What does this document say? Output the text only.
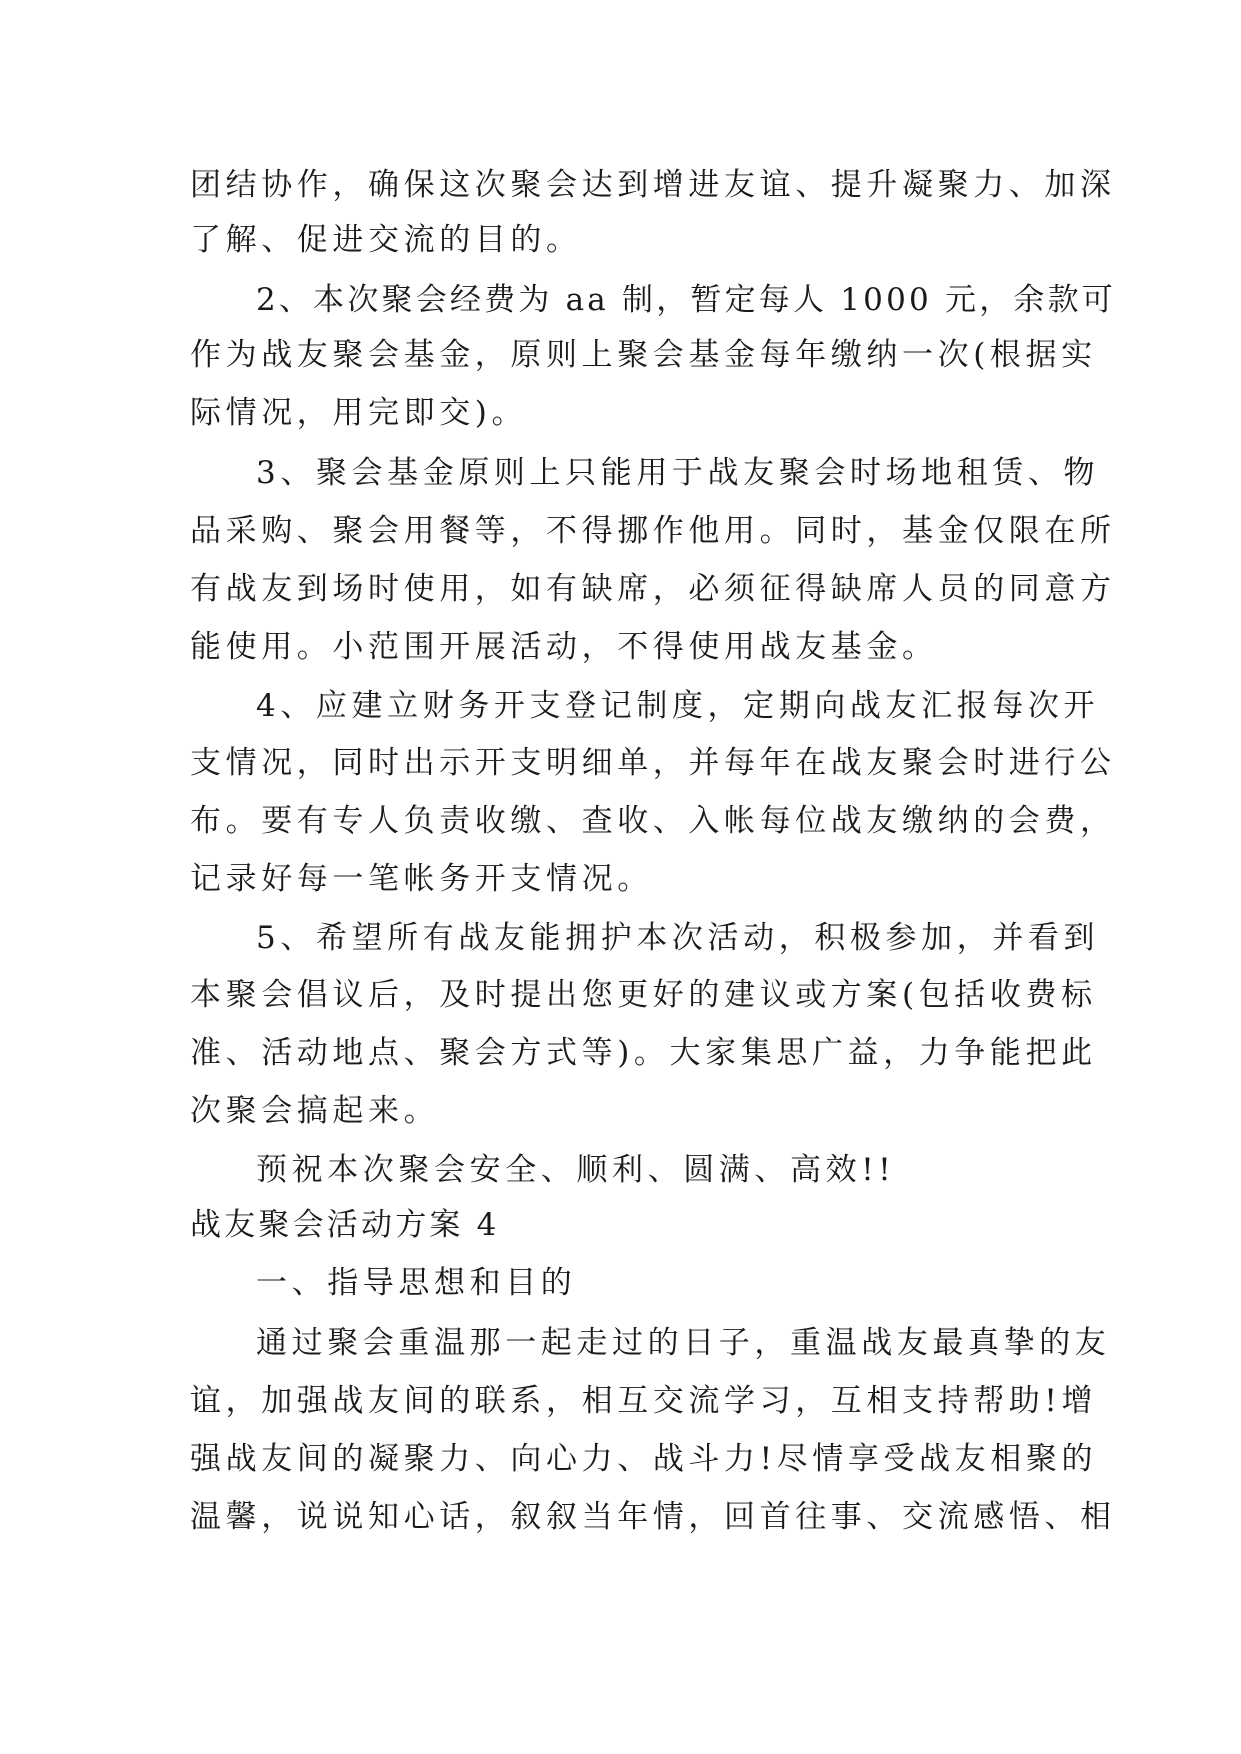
团结协作，确保这次聚会达到增进友谊、提升凝聚力、加深
了解、促进交流的目的。
2、本次聚会经费为 aa 制，暂定每人 1000 元，余款可
作为战友聚会基金，原则上聚会基金每年缴纳一次(根据实
际情况，用完即交)。
3、聚会基金原则上只能用于战友聚会时场地租赁、物
品采购、聚会用餐等，不得挪作他用。同时，基金仅限在所
有战友到场时使用，如有缺席，必须征得缺席人员的同意方
能使用。小范围开展活动，不得使用战友基金。
4、应建立财务开支登记制度，定期向战友汇报每次开
支情况，同时出示开支明细单，并每年在战友聚会时进行公
布。要有专人负责收缴、查收、入帐每位战友缴纳的会费，
记录好每一笔帐务开支情况。
5、希望所有战友能拥护本次活动，积极参加，并看到
本聚会倡议后，及时提出您更好的建议或方案(包括收费标
准、活动地点、聚会方式等)。大家集思广益，力争能把此
次聚会搞起来。
预祝本次聚会安全、顺利、圆满、高效!!
战友聚会活动方案 4
一、指导思想和目的
通过聚会重温那一起走过的日子，重温战友最真挚的友
谊，加强战友间的联系，相互交流学习，互相支持帮助!增
强战友间的凝聚力、向心力、战斗力!尽情享受战友相聚的
温馨，说说知心话，叙叙当年情，回首往事、交流感悟、相
